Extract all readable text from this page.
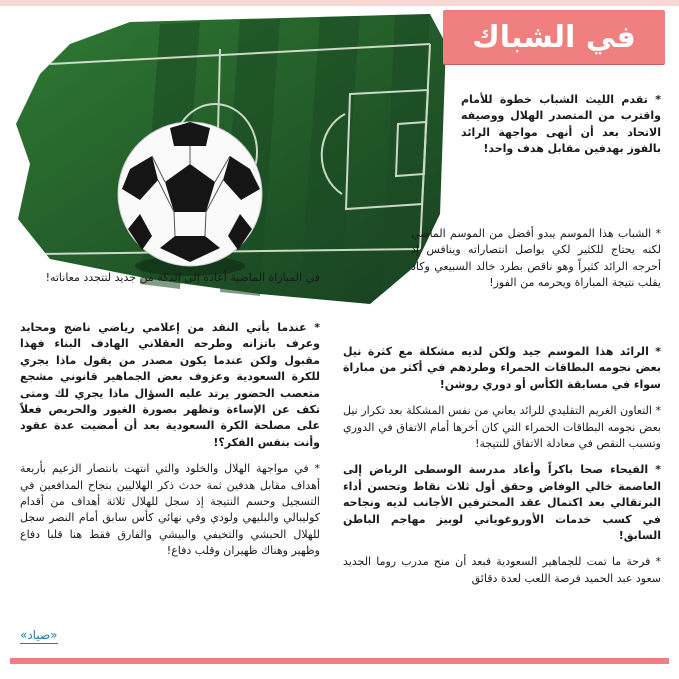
في الشباك

* تقدم الليث الشباب خطوة للأمام واقترب من المتصدر الهلال ووصيفه الاتحاد بعد أن أنهى مواجهة الرائد بالفوز بهدفين مقابل هدف واحد!

* الشباب هذا الموسم يبدو أفضل من الموسم الماضي لكنه يحتاج للكثير لكي يواصل انتصاراته وينافس إذ أحرجه الرائد كثيراً وهو ناقص بطرد خالد السبيعي وكاد يقلب نتيجة المباراة ويحرمه من الفوز!

* الرائد هذا الموسم جيد ولكن لديه مشكلة مع كثرة نيل بعض نجومه البطاقات الحمراء وطردهم في أكثر من مباراة سواء في مسابقة الكأس أو دوري روشن!

* التعاون الغريم التقليدي للرائد يعاني من نفس المشكلة بعد تكرار نيل بعض نجومه البطاقات الحمراء التي كان أخرها أمام الاتفاق في الدوري وتسبب النقص في معادلة الاتفاق للنتيجة!

* الفيحاء صحا باكراً وأعاد مدرسة الوسطى الرياض إلى العاصمة خالي الوفاض وحقق أول ثلاث نقاط وتحسن أداء البرتقالي بعد اكتمال عقد المحترفين الأجانب لديه ونجاحه في كسب خدمات الأوروغوياني لوبيز مهاجم الباطن السابق!

* فرحة ما تمت للجماهير السعودية فبعد أن منح مدرب روما الجديد سعود عبد الحميد فرصة اللعب لعدة دقائق

في المباراة الماضية أعاده إلى الدكة من جديد لتتجدد معاناته!

* عندما يأتي النقد من إعلامي رياضي ناضج ومحايد وعرف باتزانه وطرحه العقلاني الهادف البناء فهذا مقبول ولكن عندما يكون مصدر من يقول ماذا يجري للكرة السعودية وعزوف بعض الجماهير قانوني مشجع متعصب الحضور يرتد عليه السؤال ماذا يجري لك ومتى تكف عن الإساءة وتظهر بصورة الغيور والحريص فعلاً على مصلحة الكرة السعودية بعد أن أمضيت عدة عقود وأنت بنفس الفكر؟!

* في مواجهة الهلال والخلود والتي انتهت بانتصار الزعيم بأربعة أهداف مقابل هدفين ثمة حدث ذكر الهلاليين بنجاح المدافعين في التسجيل وحسم النتيجة إذ سجل للهلال ثلاثة أهداف من أقدام كوليبالي والبليهي ولودي وفي نهائي كأس سابق أمام النصر سجل للهلال الحبشي والتخيفي والبيشي والفارق فقط هنا قلبا دفاع وظهير وهناك ظهيران وقلب دفاع!

«صياد»
